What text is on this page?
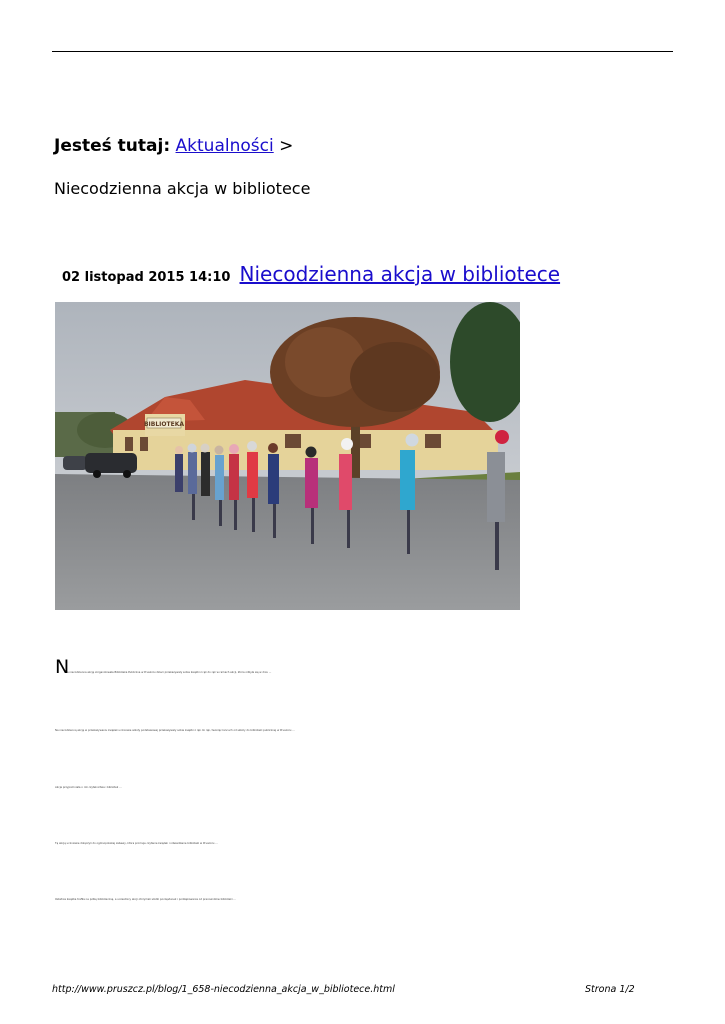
Jesteś tutaj: Aktualności >
Niecodzienna akcja w bibliotece
02 listopad 2015 14:10 Niecodzienna akcja w bibliotece
BIBLIOTEKA
N
a niecodzienna akcję zorganizowała Biblioteka Publiczna w Pruszczu dzieci przekazywały sobie książki z rąk do rąk w ramach akcji, która odbyła się w dniu ...
Na niecodzienną akcję w przekazywaniu książek uczniowie szkoły podstawowej przekazywały sobie książki z rąk do rąk, tworząc łańcuch od szkoły do biblioteki publicznej w Pruszczu ...
Akcja przypomniała o roli czytelnictwa i bibliotek ...
Tą akcją uczniowie dołączyli do ogólnopolskiej zabawy, która promuje czytanie książek i odwiedzanie biblioteki w Pruszczu ...
Ostatnia książka trafiła na półkę biblioteczną, a uczestnicy akcji otrzymali słodki poczęstunek i podziękowania od pracowników biblioteki ...
http://www.pruszcz.pl/blog/1_658-niecodzienna_akcja_w_bibliotece.html	Strona 1/2
